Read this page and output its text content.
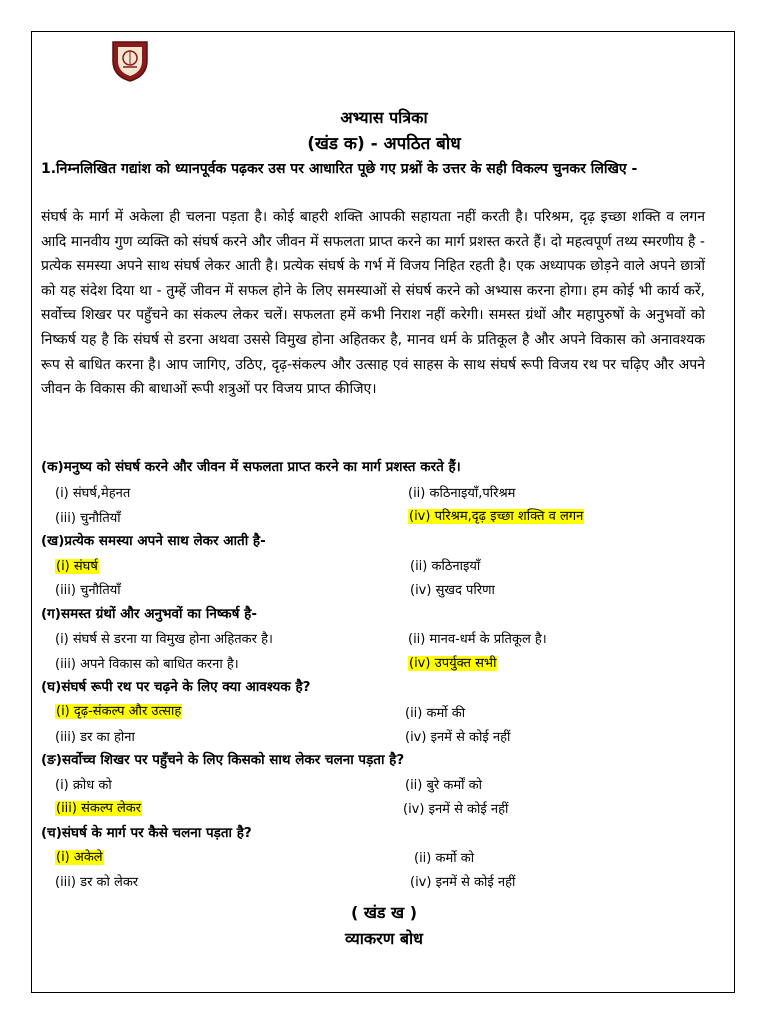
अभ्यास पत्रिका
(खंड क) - अपठित बोध
1.निम्नलिखित गद्यांश को ध्यानपूर्वक पढ़कर उस पर आधारित पूछे गए प्रश्नों के उत्तर के सही विकल्प चुनकर लिखिए -
संघर्ष के मार्ग में अकेला ही चलना पड़ता है। कोई बाहरी शक्ति आपकी सहायता नहीं करती है। परिश्रम, दृढ़ इच्छा शक्ति व लगन आदि मानवीय गुण व्यक्ति को संघर्ष करने और जीवन में सफलता प्राप्त करने का मार्ग प्रशस्त करते हैं। दो महत्वपूर्ण तथ्य स्मरणीय है - प्रत्येक समस्या अपने साथ संघर्ष लेकर आती है। प्रत्येक संघर्ष के गर्भ में विजय निहित रहती है। एक अध्यापक छोड़ने वाले अपने छात्रों को यह संदेश दिया था - तुम्हें जीवन में सफल होने के लिए समस्याओं से संघर्ष करने को अभ्यास करना होगा। हम कोई भी कार्य करें, सर्वोच्च शिखर पर पहुँचने का संकल्प लेकर चलें। सफलता हमें कभी निराश नहीं करेगी। समस्त ग्रंथों और महापुरुषों के अनुभवों को निष्कर्ष यह है कि संघर्ष से डरना अथवा उससे विमुख होना अहितकर है, मानव धर्म के प्रतिकूल है और अपने विकास को अनावश्यक रूप से बाधित करना है। आप जागिए, उठिए, दृढ़-संकल्प और उत्साह एवं साहस के साथ संघर्ष रूपी विजय रथ पर चढ़िए और अपने जीवन के विकास की बाधाओं रूपी शत्रुओं पर विजय प्राप्त कीजिए।
(क)मनुष्य को संघर्ष करने और जीवन में सफलता प्राप्त करने का मार्ग प्रशस्त करते हैं।
(i) संघर्ष,मेहनत	(ii) कठिनाइयाँ,परिश्रम
(iii) चुनौतियाँ	(iv) परिश्रम,दृढ़ इच्छा शक्ति व लगन
(ख)प्रत्येक समस्या अपने साथ लेकर आती है-
(i) संघर्ष	(ii) कठिनाइयाँ
(iii) चुनौतियाँ	(iv) सुखद परिणा
(ग)समस्त ग्रंथों और अनुभवों का निष्कर्ष है-
(i) संघर्ष से डरना या विमुख होना अहितकर है।	(ii) मानव-धर्म के प्रतिकूल है।
(iii) अपने विकास को बाधित करना है।	(iv) उपर्युक्त सभी
(घ)संघर्ष रूपी रथ पर चढ़ने के लिए क्या आवश्यक है?
(i) दृढ़-संकल्प और उत्साह	(ii) कर्मो की
(iii) डर का होना	(iv) इनमें से कोई नहीं
(ङ)सर्वोच्च शिखर पर पहुँचने के लिए किसको साथ लेकर चलना पड़ता है?
(i) क्रोध को	(ii) बुरे कर्मों को
(iii) संकल्प लेकर	(iv) इनमें से कोई नहीं
(च)संघर्ष के मार्ग पर कैसे चलना पड़ता है?
(i) अकेले	(ii) कर्मो को
(iii) डर को लेकर	(iv) इनमें से कोई नहीं
( खंड ख )
व्याकरण बोध
